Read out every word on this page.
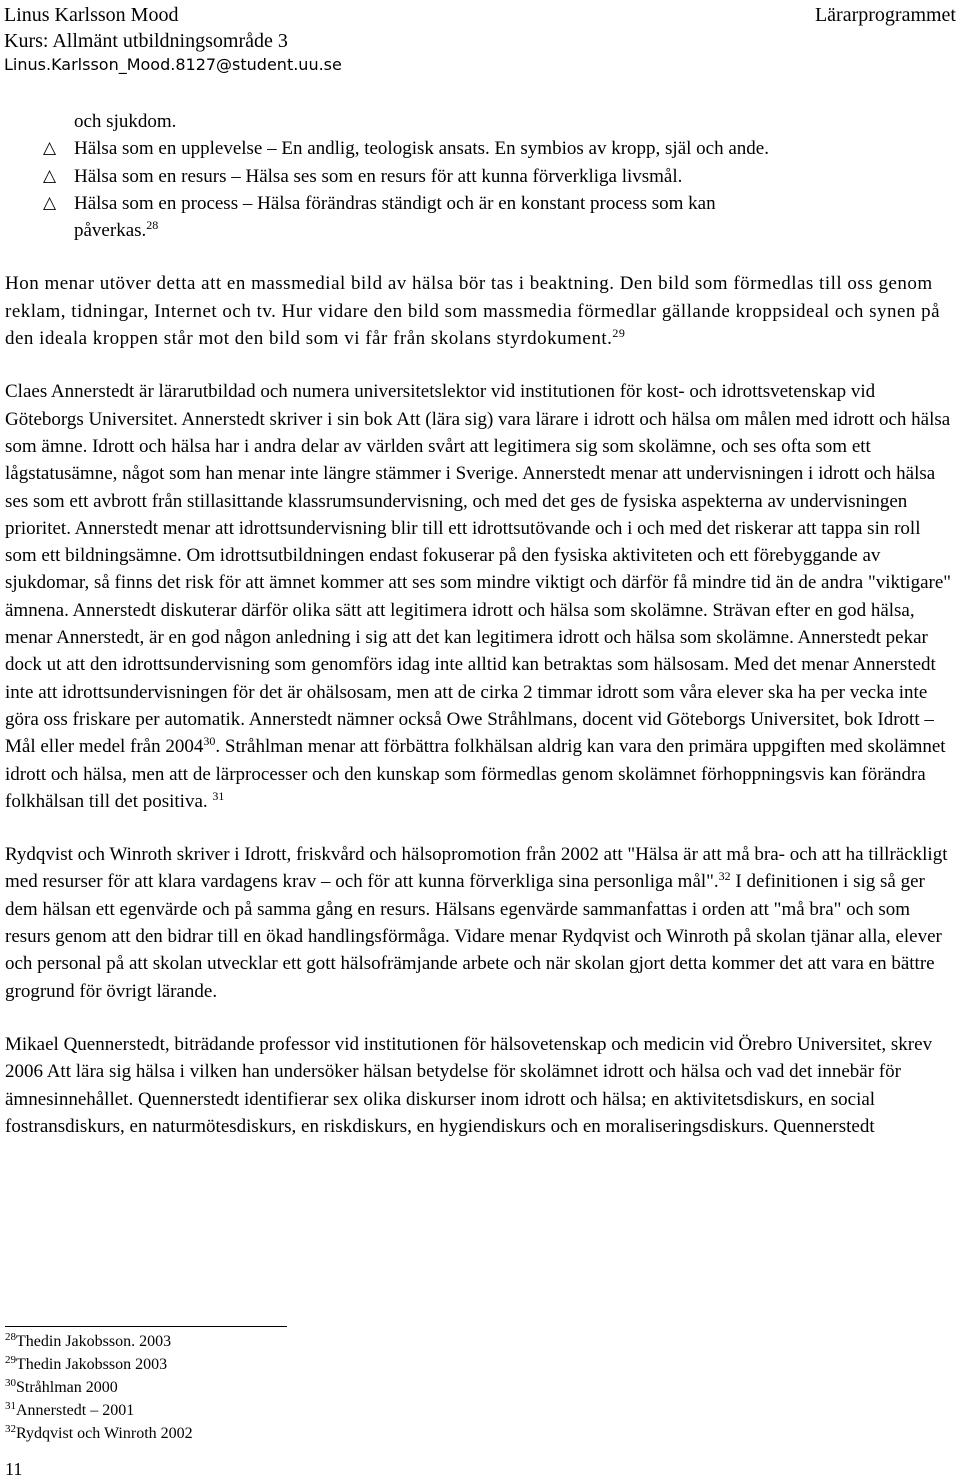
Linus Karlsson Mood
Kurs: Allmänt utbildningsområde 3
Linus.Karlsson_Mood.8127@student.uu.se
Lärarprogrammet

och sjukdom.

△ Hälsa som en upplevelse – En andlig, teologisk ansats. En symbios av kropp, själ och ande.

△ Hälsa som en resurs – Hälsa ses som en resurs för att kunna förverkliga livsmål.

△ Hälsa som en process – Hälsa förändras ständigt och är en konstant process som kan
påverkas.$^{28}$

Hon menar utöver detta att en massmedial bild av hälsa bör tas i beaktning. Den bild som förmedlas till oss genom reklam, tidningar, Internet och tv. Hur vidare den bild som massmedia förmedlar gällande kroppsideal och synen på den ideala kroppen står mot den bild som vi får från skolans styrdokument.$^{29}$

Claes Annerstedt är lärarutbildad och numera universitetslektor vid institutionen för kost- och idrottsvetenskap vid Göteborgs Universitet. Annerstedt skriver i sin bok Att (lära sig) vara lärare i idrott och hälsa om målen med idrott och hälsa som ämne. Idrott och hälsa har i andra delar av världen svårt att legitimera sig som skolämne, och ses ofta som ett lågstatusämne, något som han menar inte längre stämmer i Sverige. Annerstedt menar att undervisningen i idrott och hälsa ses som ett avbrott från stillasittande klassrumsundervisning, och med det ges de fysiska aspekterna av undervisningen prioritet. Annerstedt menar att idrottsundervisning blir till ett idrottsutövande och i och med det riskerar att tappa sin roll som ett bildningsämne. Om idrottsutbildningen endast fokuserar på den fysiska aktiviteten och ett förebyggande av sjukdomar, så finns det risk för att ämnet kommer att ses som mindre viktigt och därför få mindre tid än de andra "viktigare" ämnena. Annerstedt diskuterar därför olika sätt att legitimera idrott och hälsa som skolämne. Strävan efter en god hälsa, menar Annerstedt, är en god någon anledning i sig att det kan legitimera idrott och hälsa som skolämne. Annerstedt pekar dock ut att den idrottsundervisning som genomförs idag inte alltid kan betraktas som hälsosam. Med det menar Annerstedt inte att idrottsundervisningen för det är ohälsosam, men att de cirka 2 timmar idrott som våra elever ska ha per vecka inte göra oss friskare per automatik. Annerstedt nämner också Owe Stråhlmans, docent vid Göteborgs Universitet, bok Idrott – Mål eller medel från 2004$^{30}$. Stråhlman menar att förbättra folkhälsan aldrig kan vara den primära uppgiften med skolämnet idrott och hälsa, men att de lärprocesser och den kunskap som förmedlas genom skolämnet förhoppningsvis kan förändra folkhälsan till det positiva. $^{31}$

Rydqvist och Winroth skriver i Idrott, friskvård och hälsopromotion från 2002 att "Hälsa är att må bra- och att ha tillräckligt med resurser för att klara vardagens krav – och för att kunna förverkliga sina personliga mål".$^{32}$ I definitionen i sig så ger dem hälsan ett egenvärde och på samma gång en resurs. Hälsans egenvärde sammanfattas i orden att "må bra" och som resurs genom att den bidrar till en ökad handlingsförmåga. Vidare menar Rydqvist och Winroth på skolan tjänar alla, elever och personal på att skolan utvecklar ett gott hälsofrämjande arbete och när skolan gjort detta kommer det att vara en bättre grogrund för övrigt lärande.

Mikael Quennerstedt, biträdande professor vid institutionen för hälsovetenskap och medicin vid Örebro Universitet, skrev 2006 Att lära sig hälsa i vilken han undersöker hälsan betydelse för skolämnet idrott och hälsa och vad det innebär för ämnesinnehållet. Quennerstedt identifierar sex olika diskurser inom idrott och hälsa; en aktivitetsdiskurs, en social fostransdiskurs, en naturmötesdiskurs, en riskdiskurs, en hygiendiskurs och en moraliseringsdiskurs. Quennerstedt

$^{28}$Thedin Jakobsson. 2003
$^{29}$Thedin Jakobsson 2003
$^{30}$Stråhlman 2000
$^{31}$Annerstedt – 2001
$^{32}$Rydqvist och Winroth 2002
11
